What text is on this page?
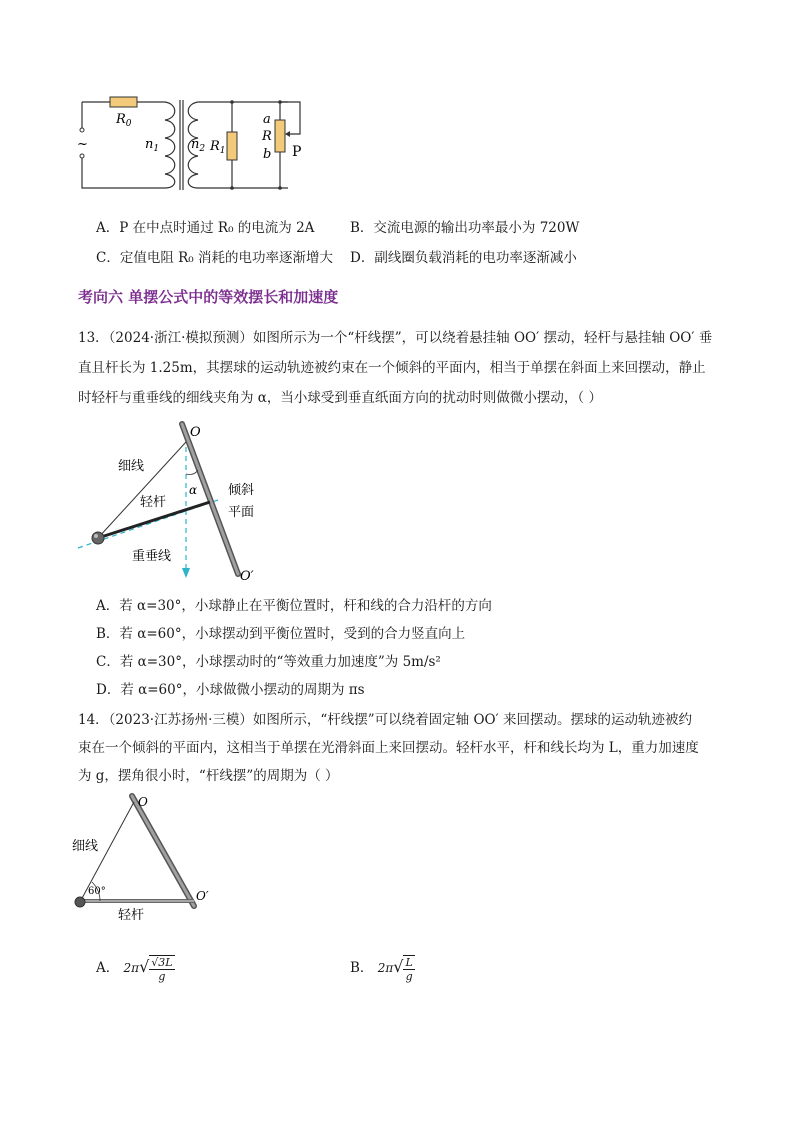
~
$R_0$
$n_1$ $n_2$ $R_1$
a
R
b P
A．P 在中点时通过 R₀ 的电流为 2A	B．交流电源的输出功率最小为 720W
C．定值电阻 R₀ 消耗的电功率逐渐增大 D．副线圈负载消耗的电功率逐渐减小
考向六 单摆公式中的等效摆长和加速度
13．（2024·浙江·模拟预测）如图所示为一个“杆线摆”，可以绕着悬挂轴 OO′ 摆动，轻杆与悬挂轴 OO′ 垂
直且杆长为 1.25m，其摆球的运动轨迹被约束在一个倾斜的平面内，相当于单摆在斜面上来回摆动，静止
时轻杆与重垂线的细线夹角为 α，当小球受到垂直纸面方向的扰动时则做微小摆动，（ ）
O
O′
细线
轻杆
α 倾斜
平面
重垂线
A．若 α=30°，小球静止在平衡位置时，杆和线的合力沿杆的方向
B．若 α=60°，小球摆动到平衡位置时，受到的合力竖直向上
C．若 α=30°，小球摆动时的“等效重力加速度”为 5m/s²
D．若 α=60°，小球做微小摆动的周期为 πs
14．（2023·江苏扬州·三模）如图所示，“杆线摆”可以绕着固定轴 OO′ 来回摆动。摆球的运动轨迹被约
束在一个倾斜的平面内，这相当于单摆在光滑斜面上来回摆动。轻杆水平，杆和线长均为 L，重力加速度
为 g，摆角很小时，“杆线摆”的周期为（ ）
O
O′
细线
60°
轻杆
A． $2\pi√ \frac{√3L}{g}$	B． $2\pi√ \frac{L}{g}$
